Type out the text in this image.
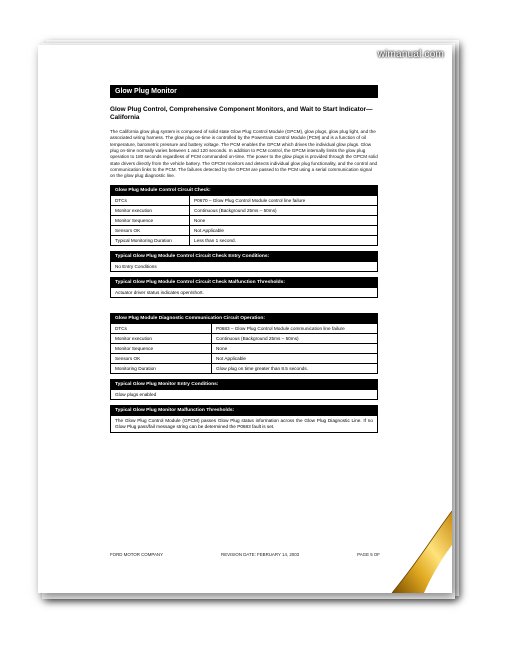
wimanual.com
Glow Plug Monitor
Glow Plug Control, Comprehensive Component Monitors, and Wait to Start Indicator— California
The California glow plug system is composed of solid state Glow Plug Control Module (GPCM), glow plugs, glow plug light, and the associated wiring harness. The glow plug on-time is controlled by the Powertrain Control Module (PCM) and is a function of oil temperature, barometric pressure and battery voltage. The PCM enables the GPCM which drives the individual glow plugs. Glow plug on-time normally varies between 1 and 120 seconds. In addition to PCM control, the GPCM internally limits the glow plug operation to 180 seconds regardless of PCM commanded on-time. The power to the glow plugs is provided through the GPCM solid state drivers directly from the vehicle battery. The GPCM monitors and detects individual glow plug functionality, and the control and communication links to the PCM. The failures detected by the GPCM are passed to the PCM using a serial communication signal on the glow plug diagnostic line.
Glow Plug Module Control Circuit Check:
DTCs	P0670 – Glow Plug Control Module control line failure
Monitor execution	Continuous (Background 25ms – 50ms)
Monitor Sequence	None
Sensors OK	Not Applicable
Typical Monitoring Duration	Less than 1 second.
Typical Glow Plug Module Control Circuit Check Entry Conditions:
No Entry Conditions
Typical Glow Plug Module Control Circuit Check Malfunction Thresholds:
Actuator driver status indicates open/short.
Glow Plug Module Diagnostic Communication Circuit Operation:
DTCs	P0683 – Glow Plug Control Module communication line failure
Monitor execution	Continuous (Background 25ms – 50ms)
Monitor Sequence	None
Sensors OK	Not Applicable
Monitoring Duration	Glow plug on time greater than 8.5 seconds.
Typical Glow Plug Monitor Entry Conditions:
Glow plugs enabled
Typical Glow Plug Monitor Malfunction Thresholds:
The Glow Plug Control Module (GPCM) passes Glow Plug status information across the Glow Plug Diagnostic Line. If no Glow Plug pass/fail message string can be determined the P0683 fault is set.
FORD MOTOR COMPANY	REVISION DATE: FEBRUARY 14, 2003	PAGE 5 OF
